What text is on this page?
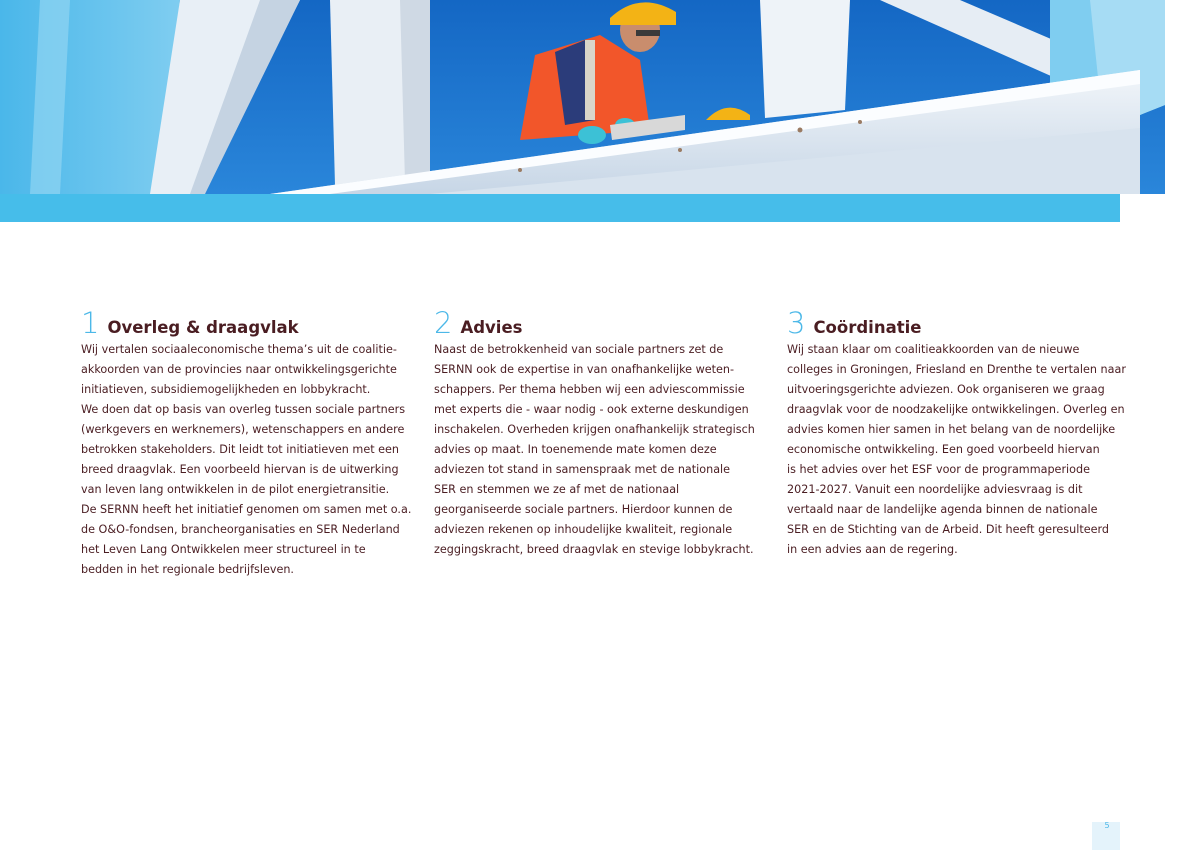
1 Overleg & draagvlak
Wij vertalen sociaaleconomische thema’s uit de coalitie-
akkoorden van de provincies naar ontwikkelingsgerichte
initiatieven, subsidiemogelijkheden en lobbykracht.
We doen dat op basis van overleg tussen sociale partners
(werkgevers en werknemers), wetenschappers en andere
betrokken stakeholders. Dit leidt tot initiatieven met een
breed draagvlak. Een voorbeeld hiervan is de uitwerking
van leven lang ontwikkelen in de pilot energietransitie.
De SERNN heeft het initiatief genomen om samen met o.a.
de O&O-fondsen, brancheorganisaties en SER Nederland
het Leven Lang Ontwikkelen meer structureel in te
bedden in het regionale bedrijfsleven.
2 Advies
Naast de betrokkenheid van sociale partners zet de
SERNN ook de expertise in van onafhankelijke weten-
schappers. Per thema hebben wij een adviescommissie
met experts die - waar nodig - ook externe deskundigen
inschakelen. Overheden krijgen onafhankelijk strategisch
advies op maat. In toenemende mate komen deze
adviezen tot stand in samenspraak met de nationale
SER en stemmen we ze af met de nationaal
georganiseerde sociale partners. Hierdoor kunnen de
adviezen rekenen op inhoudelijke kwaliteit, regionale
zeggingskracht, breed draagvlak en stevige lobbykracht.
3 Coördinatie
Wij staan klaar om coalitieakkoorden van de nieuwe
colleges in Groningen, Friesland en Drenthe te vertalen naar
uitvoeringsgerichte adviezen. Ook organiseren we graag
draagvlak voor de noodzakelijke ontwikkelingen. Overleg en
advies komen hier samen in het belang van de noordelijke
economische ontwikkeling. Een goed voorbeeld hiervan
is het advies over het ESF voor de programmaperiode
2021-2027. Vanuit een noordelijke adviesvraag is dit
vertaald naar de landelijke agenda binnen de nationale
SER en de Stichting van de Arbeid. Dit heeft geresulteerd
in een advies aan de regering.
5
